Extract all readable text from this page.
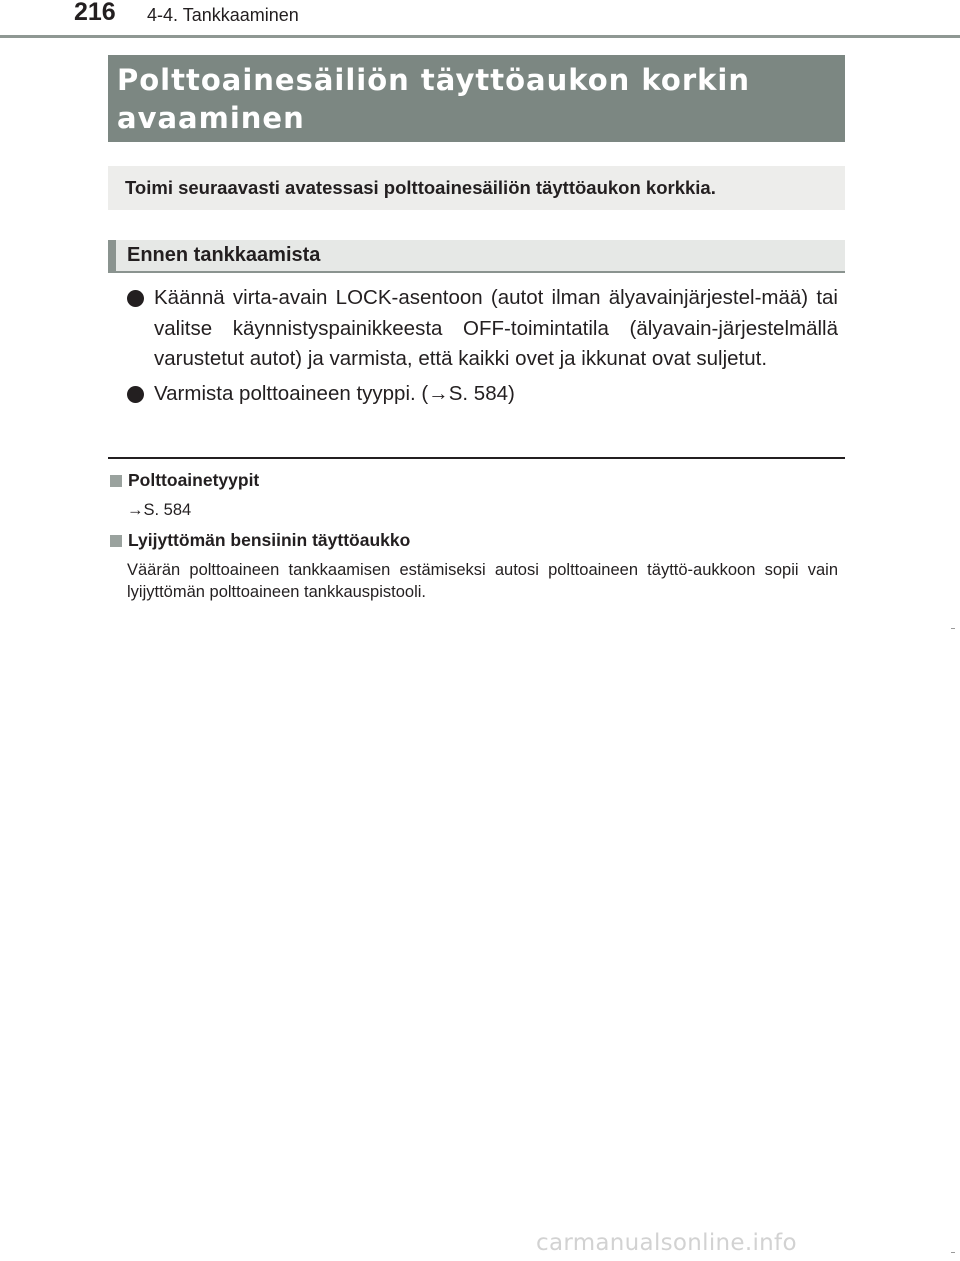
216 4-4. Tankkaaminen
Polttoainesäiliön täyttöaukon korkin
avaaminen
Toimi seuraavasti avatessasi polttoainesäiliön täyttöaukon korkkia.
Ennen tankkaamista
Käännä virta-avain LOCK-asentoon (autot ilman älyavainjärjestel-mää) tai valitse käynnistyspainikkeesta OFF-toimintatila (älyavain-järjestelmällä varustetut autot) ja varmista, että kaikki ovet ja ikkunat ovat suljetut.
Varmista polttoaineen tyyppi. (→S. 584)
Polttoainetyypit
→S. 584
Lyijyttömän bensiinin täyttöaukko
Väärän polttoaineen tankkaamisen estämiseksi autosi polttoaineen täyttö-aukkoon sopii vain lyijyttömän polttoaineen tankkauspistooli.
carmanualsonline.info
